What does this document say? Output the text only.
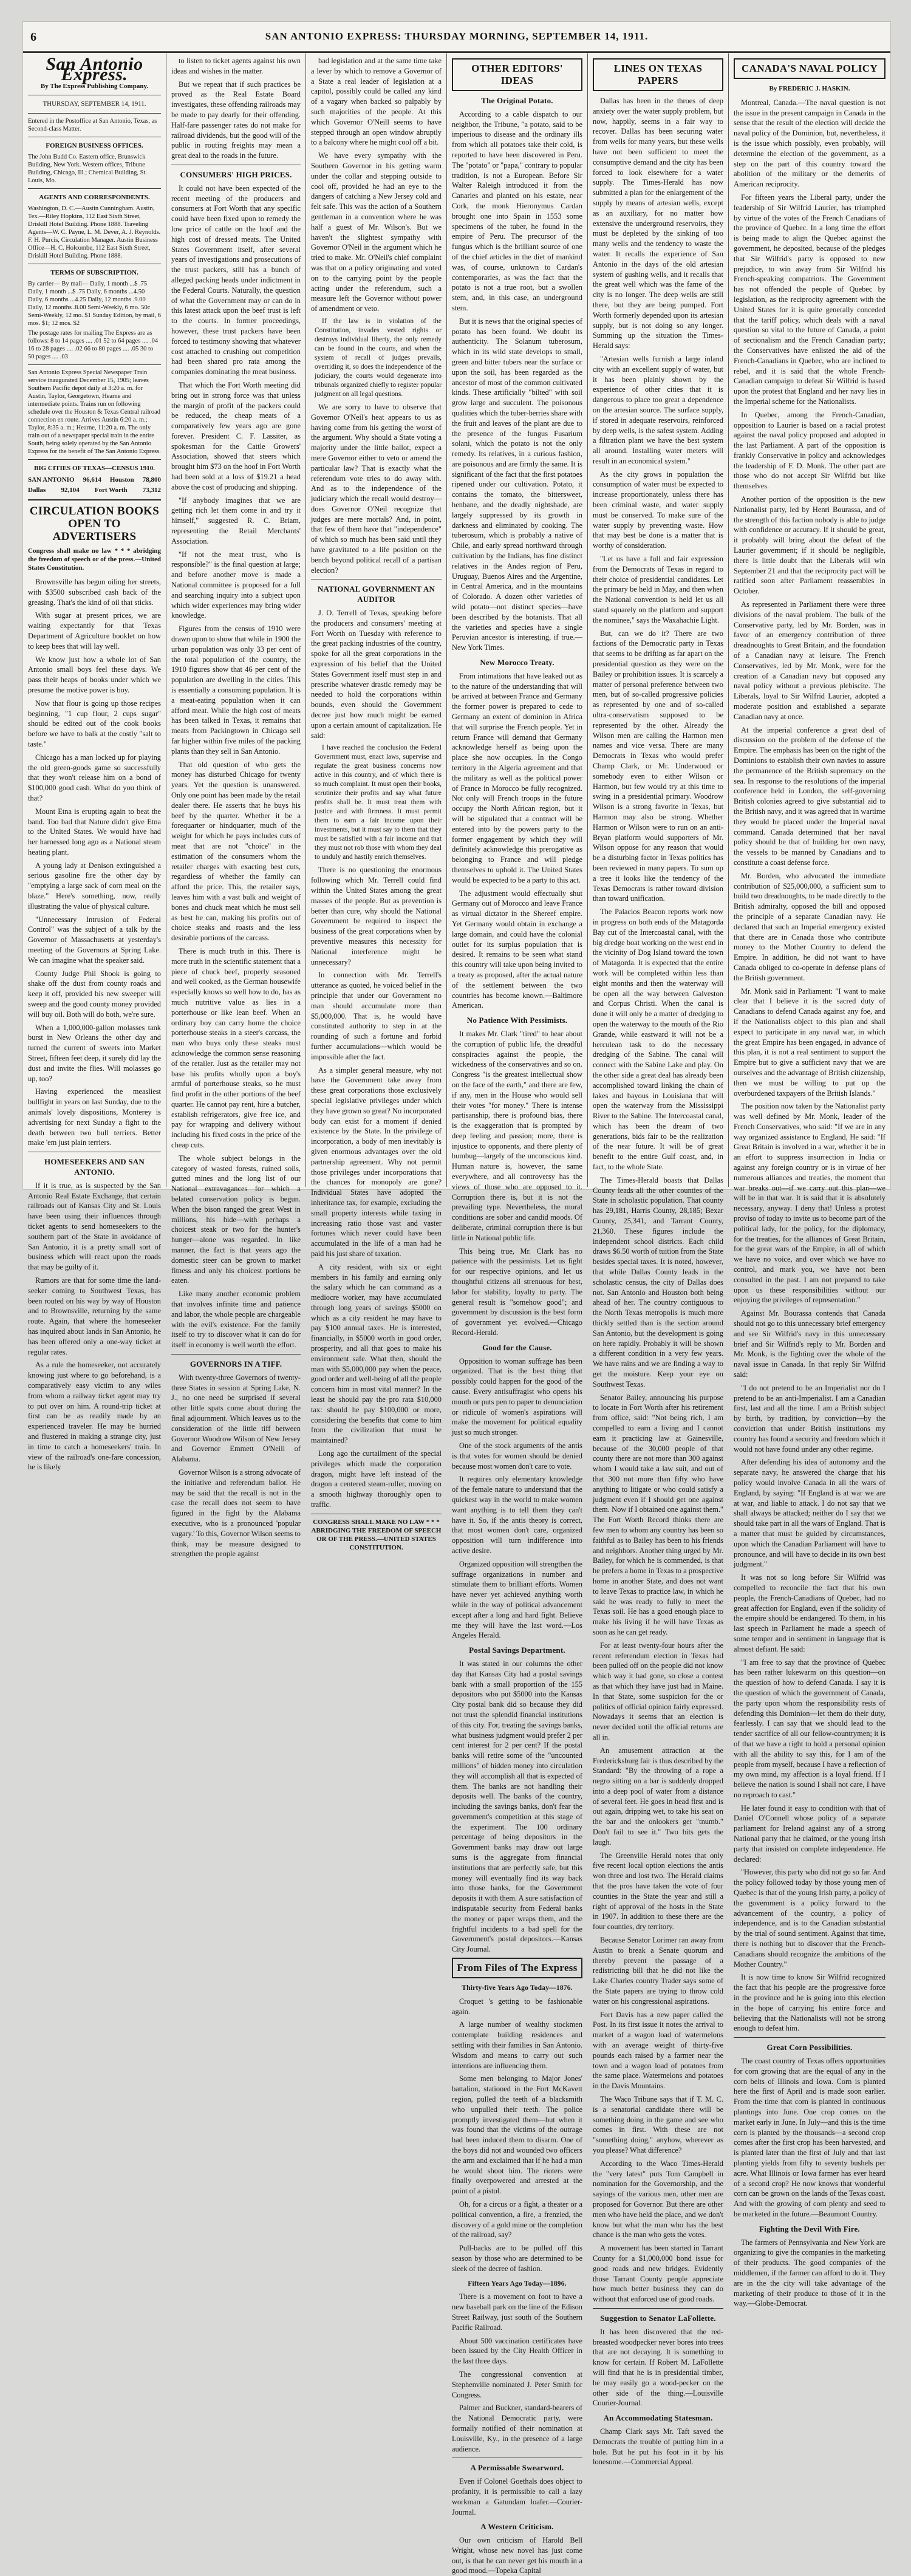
6	SAN ANTONIO EXPRESS: THURSDAY MORNING, SEPTEMBER 14, 1911.
San Antonio Express.
By The Express Publishing Company.
THURSDAY, SEPTEMBER 14, 1911.

Entered in the Postoffice at San Antonio, Texas, as Second-class Matter.

FOREIGN BUSINESS OFFICES.

The John Budd Co. Eastern office, Brunswick Building, New York. Western offices, Tribune Building, Chicago, Ill.; Chemical Building, St. Louis, Mo.

AGENTS AND CORRESPONDENTS.

Washington, D. C.—Austin Cunningham. Austin, Tex.—Riley Hopkins, 112 East Sixth Street, Driskill Hotel Building. Phone 1888. Traveling Agents—W. C. Payne, L. M. Dever, A. J. Reynolds. F. H. Purcis, Circulation Manager. Austin Business Office—H. C. Holcombe, 112 East Sixth Street, Driskill Hotel Building. Phone 1888.

TERMS OF SUBSCRIPTION.

By carrier— By mail— Daily, 1 month ...$ .75 Daily, 1 month ...$ .75 Daily, 6 months ...4.50 Daily, 6 months ...4.25 Daily, 12 months .9.00 Daily, 12 months .8.00 Semi-Weekly, 6 mo. 50c Semi-Weekly, 12 mo. $1 Sunday Edition, by mail, 6 mos. $1; 12 mos. $2

The postage rates for mailing The Express are as follows: 8 to 14 pages .... .01 52 to 64 pages .... .04 16 to 28 pages .... .02 66 to 80 pages .... .05 30 to 50 pages .... .03

San Antonio Express Special Newspaper Train service inaugurated December 15, 1905; leaves Southern Pacific depot daily at 3:20 a. m. for Austin, Taylor, Georgetown, Hearne and intermediate points. Trains run on following schedule over the Houston & Texas Central railroad connection en route. Arrives Austin 6:20 a. m.; Taylor, 8:35 a. m.; Hearne, 11:20 a. m. The only train out of a newspaper special train in the entire South, being solely operated by the San Antonio Express for the benefit of The San Antonio Express.

BIG CITIES OF TEXAS—CENSUS 1910.
SAN ANTONIO 96,614 Houston 78,800
Dallas 92,104 Fort Worth 73,312
CIRCULATION BOOKS OPEN TO ADVERTISERS
Congress shall make no law * * * abridging the freedom of speech or of the press.—United States Constitution.

Brownsville has begun oiling her streets, with $3500 subscribed cash back of the greasing. That's the kind of oil that sticks.

With sugar at present prices, we are waiting expectantly for that Texas Department of Agriculture booklet on how to keep bees that will lay well.

We know just how a whole lot of San Antonio small boys feel these days. We pass their heaps of books under which we presume the motive power is boy.

Now that flour is going up those recipes beginning, "1 cup flour, 2 cups sugar" should be edited out of the cook books before we have to balk at the costly "salt to taste."

Chicago has a man locked up for playing the old green-goods game so successfully that they won't release him on a bond of $100,000 good cash. What do you think of that?

Mount Etna is erupting again to beat the band. Too bad that Nature didn't give Etna to the United States. We would have had her harnessed long ago as a National steam heating plant.

A young lady at Denison extinguished a serious gasoline fire the other day by "emptying a large sack of corn meal on the blaze." Here's something, now, really illustrating the value of physical culture.

"Unnecessary Intrusion of Federal Control" was the subject of a talk by the Governor of Massachusetts at yesterday's meeting of the Governors at Spring Lake. We can imagine what the speaker said.

County Judge Phil Shook is going to shake off the dust from county roads and keep it off, provided his new sweeper will sweep and the good county money provided will buy oil. Both will do both, we're sure.

When a 1,000,000-gallon molasses tank burst in New Orleans the other day and turned the current of sweets into Market Street, fifteen feet deep, it surely did lay the dust and invite the flies. Will molasses go up, too?

Having experienced the measliest bullfight in years on last Sunday, due to the animals' lovely dispositions, Monterey is advertising for next Sunday a fight to the death between two bull terriers. Better make 'em just plain terriers.

HOMESEEKERS AND SAN ANTONIO.

If it is true, as is suspected by the San Antonio Real Estate Exchange, that certain railroads out of Kansas City and St. Louis have been using their influences through ticket agents to send homeseekers to the southern part of the State in avoidance of San Antonio, it is a pretty small sort of business which will react upon the roads that may be guilty of it.

Rumors are that for some time the land-seeker coming to Southwest Texas, has been routed on his way by way of Houston and to Brownsville, returning by the same route. Again, that where the homeseeker has inquired about lands in San Antonio, he has been offered only a one-way ticket at regular rates.

As a rule the homeseeker, not accurately knowing just where to go beforehand, is a comparatively easy victim to any wiles from whom a railway ticket agent may try to put over on him. A round-trip ticket at first can be as readily made by an experienced traveler. He may be hurried and flustered in making a strange city, just in time to catch a homeseekers' train. In view of the railroad's one-fare concession, he is likely

to listen to ticket agents against his own ideas and wishes in the matter.

But we repeat that if such practices be proved as the Real Estate Board investigates, these offending railroads may be made to pay dearly for their offending. Half-fare passenger rates do not make for railroad dividends, but the good will of the public in routing freights may mean a great deal to the roads in the future.

CONSUMERS' HIGH PRICES.

It could not have been expected of the recent meeting of the producers and consumers at Fort Worth that any specific could have been fixed upon to remedy the low price of cattle on the hoof and the high cost of dressed meats. The United States Government itself, after several years of investigations and prosecutions of the trust packers, still has a bunch of alleged packing heads under indictment in the Federal Courts. Naturally, the question of what the Government may or can do in this latest attack upon the beef trust is left to the courts. In former proceedings, however, these trust packers have been forced to testimony showing that whatever cost attached to crushing out competition had been shared pro rata among the companies dominating the meat business.

That which the Fort Worth meeting did bring out in strong force was that unless the margin of profit of the packers could be reduced, the cheap meats of a comparatively few years ago are gone forever. President C. F. Lassiter, as spokesman for the Cattle Growers' Association, showed that steers which brought him $73 on the hoof in Fort Worth had been sold at a loss of $19.21 a head above the cost of producing and shipping.

"If anybody imagines that we are getting rich let them come in and try it himself," suggested R. C. Briam, representing the Retail Merchants' Association.

"If not the meat trust, who is responsible?" is the final question at large; and before another move is made a National committee is proposed for a full and searching inquiry into a subject upon which wider experiences may bring wider knowledge.

Figures from the census of 1910 were drawn upon to show that while in 1900 the urban population was only 33 per cent of the total population of the country, the 1910 figures show that 46 per cent of the population are dwelling in the cities. This is essentially a consuming population. It is a meat-eating population when it can afford meat. While the high cost of meats has been talked in Texas, it remains that meats from Packingtown in Chicago sell far higher within five miles of the packing plants than they sell in San Antonio.

That old question of who gets the money has disturbed Chicago for twenty years. Yet the question is unanswered. Only one point has been made by the retail dealer there. He asserts that he buys his beef by the quarter. Whether it be a forequarter or hindquarter, much of the weight for which he pays includes cuts of meat that are not "choice" in the estimation of the consumers whom the retailer charges with exacting best cuts, regardless of whether the family can afford the price. This, the retailer says, leaves him with a vast bulk and weight of bones and chuck meat which he must sell as best he can, making his profits out of choice steaks and roasts and the less desirable portions of the carcass.

There is much truth in this. There is more truth in the scientific statement that a piece of chuck beef, properly seasoned and well cooked, as the German housewife especially knows so well how to do, has as much nutritive value as lies in a porterhouse or like lean beef. When an ordinary boy can carry home the choice porterhouse steaks in a steer's carcass, the man who buys only these steaks must acknowledge the common sense reasoning of the retailer. Just as the retailer may not base his profits wholly upon a boy's armful of porterhouse steaks, so he must find profit in the other portions of the beef quarter. He cannot pay rent, hire a butcher, establish refrigerators, give free ice, and pay for wrapping and delivery without including his fixed costs in the price of the cheap cuts.

The whole subject belongs in the category of wasted forests, ruined soils, gutted mines and the long list of our National extravagances for which a belated conservation policy is begun. When the bison ranged the great West in millions, his hide—with perhaps a choicest steak or two for the hunter's hunger—alone was regarded. In like manner, the fact is that years ago the domestic steer can be grown to market fitness and only his choicest portions be eaten.

Like many another economic problem that involves infinite time and patience and labor, the whole people are chargeable with the evil's existence. For the family itself to try to discover what it can do for itself in economy is well worth the effort.

GOVERNORS IN A TIFF.

With twenty-three Governors of twenty-three States in session at Spring Lake, N. J., no one need be surprised if several other little spats come about during the final adjournment. Which leaves us to the consideration of the little tiff between Governor Woodrow Wilson of New Jersey and Governor Emmett O'Neill of Alabama.

Governor Wilson is a strong advocate of the initiative and referendum ballot. He may be said that the recall is not in the case the recall does not seem to have figured in the fight by the Alabama executive, who is a pronounced 'popular vagary.' To this, Governor Wilson seems to think, may be measure designed to strengthen the people against

bad legislation and at the same time take a lever by which to remove a Governor of a State a real leader of legislation at a capitol, possibly could be called any kind of a vagary when backed so palpably by such majorities of the people. At this which Governor O'Neill seems to have stepped through an open window abruptly to a balcony where he might cool off a bit.

We have every sympathy with the Southern Governor in his getting warm under the collar and stepping outside to cool off, provided he had an eye to the dangers of catching a New Jersey cold and felt safe. This was the action of a Southern gentleman in a convention where he was half a guest of Mr. Wilson's. But we haven't the slightest sympathy with Governor O'Neil in the argument which he tried to make. Mr. O'Neil's chief complaint was that on a policy originating and voted on to the carrying point by the people acting under the referendum, such a measure left the Governor without power of amendment or veto.

If the law is in violation of the Constitution, invades vested rights or destroys individual liberty, the only remedy can be found in the courts, and when the system of recall of judges prevails, overriding it, so does the independence of the judiciary, the courts would degenerate into tribunals organized chiefly to register popular judgment on all legal questions.

We are sorry to have to observe that Governor O'Neil's heat appears to us as having come from his getting the worst of the argument. Why should a State voting a majority under the little ballot, expect a mere Governor either to veto or amend the particular law? That is exactly what the referendum vote tries to do away with. And as to the independence of the judiciary which the recall would destroy—does Governor O'Neil recognize that judges are mere mortals? And, in point, that few of them have that "independence" of which so much has been said until they have gravitated to a life position on the bench beyond political recall of a partisan election?

NATIONAL GOVERNMENT AN AUDITOR

J. O. Terrell of Texas, speaking before the producers and consumers' meeting at Fort Worth on Tuesday with reference to the great packing industries of the country, spoke for all the great corporations in the expression of his belief that the United States Government itself must step in and prescribe whatever drastic remedy may be needed to hold the corporations within bounds, even should the Government decree just how much might be earned upon a certain amount of capitalization. He said:

I have reached the conclusion the Federal Government must, enact laws, supervise and regulate the great business concerns now active in this country, and of which there is so much complaint. It must open their books, scrutinize their profits and say what future profits shall be. It must treat them with justice and with firmness. It must permit them to earn a fair income upon their investments, but it must say to them that they must be satisfied with a fair income and that they must not rob those with whom they deal to unduly and hastily enrich themselves.

There is no questioning the enormous following which Mr. Terrell could find within the United States among the great masses of the people. But as prevention is better than cure, why should the National Government be required to inspect the business of the great corporations when by preventive measures this necessity for National interference might be unnecessary?

In connection with Mr. Terrell's utterance as quoted, he voiced belief in the principle that under our Government no man should accumulate more than $5,000,000. That is, he would have constituted authority to step in at the rounding of such a fortune and forbid further accumulations—which would be impossible after the fact.

As a simpler general measure, why not have the Government take away from these great corporations those exclusively special legislative privileges under which they have grown so great? No incorporated body can exist for a moment if denied existence by the State. In the privilege of incorporation, a body of men inevitably is given enormous advantages over the old partnership agreement. Why not permit those privileges under incorporations that the chances for monopoly are gone? Individual States have adopted the inheritance tax, for example, excluding the small property interests while taxing in increasing ratio those vast and vaster fortunes which never could have been accumulated in the life of a man had he paid his just share of taxation.

A city resident, with six or eight members in his family and earning only the salary which he can command as a mediocre worker, may have accumulated through long years of savings $5000 on which as a city resident he may have to pay $100 annual taxes. He is interested, financially, in $5000 worth in good order, prosperity, and all that goes to make his environment safe. What then, should the man with $5,000,000 pay when the peace, good order and well-being of all the people concern him in most vital manner? In the least he should pay the pro rata $10,000 tax: should he pay $100,000 or more, considering the benefits that come to him from the civilization that must be maintained?

Long ago the curtailment of the special privileges which made the corporation dragon, might have left instead of the dragon a centered steam-roller, moving on a smooth highway thoroughly open to traffic.

CONGRESS SHALL MAKE NO LAW * * * ABRIDGING THE FREEDOM OF SPEECH OR OF THE PRESS.—UNITED STATES CONSTITUTION.
OTHER EDITORS' IDEAS
The Original Potato.

According to a cable dispatch to our neighbor, the Tribune, "a potato, said to be imperious to disease and the ordinary ills from which all potatoes take their cold, is reported to have been discovered in Peru. The "potato" or "papa," contrary to popular tradition, is not a European. Before Sir Walter Raleigh introduced it from the Canaries and planted on his estate, near Cork, the monk Hieronymus Cardan brought one into Spain in 1553 some specimens of the tuber, he found in the empire of Peru. The precursor of the fungus which is the brilliant source of one of the chief articles in the diet of mankind was, of course, unknown to Cardan's contemporaries, as was the fact that the potato is not a true root, but a swollen stem, and, in this case, an underground stem.

But it is news that the original species of potato has been found. We doubt its authenticity. The Solanum tuberosum, which in its wild state develops to small, green and bitter tubers near the surface or upon the soil, has been regarded as the ancestor of most of the common cultivated kinds. These artificially "bilted" with soil grow large and succulent. The poisonous qualities which the tuber-berries share with the fruit and leaves of the plant are due to the presence of the fungus Fusarium solani, which the potato is not the only remedy. Its relatives, in a curious fashion, are poisonous and are firmly the same. It is significant of the fact that the first potatoes ripened under our cultivation. Potato, it contains the tomato, the bittersweet, henbane, and the deadly nightshade, are largely suppressed by its growth in darkness and eliminated by cooking. The tuberosum, which is probably a native of Chile, and early spread northward through cultivation by the Indians, has fine distinct relatives in the Andes region of Peru, Uruguay, Buenos Aires and the Argentine, in Central America, and in the mountains of Colorado. A dozen other varieties of wild potato—not distinct species—have been described by the botanists. That all the varieties and species have a single Peruvian ancestor is interesting, if true.—New York Times.

New Morocco Treaty.

From intimations that have leaked out as to the nature of the understanding that will be arrived at between France and Germany the former power is prepared to cede to Germany an extent of dominion in Africa that will surprise the French people. Yet in return France will demand that Germany acknowledge herself as being upon the place she now occupies. In the Congo territory in the Algeria agreement and that the military as well as the political power of France in Morocco be fully recognized. Not only will French troops in the future occupy the North African region, but it will be stipulated that a contract will be entered into by the powers party to the former engagement by which they will definitely acknowledge this prerogative as belonging to France and will pledge themselves to uphold it. The United States would be expected to be a party to this act.

The adjustment would effectually shut Germany out of Morocco and leave France as virtual dictator in the Shereef empire. Yet Germany would obtain in exchange a large domain, and could have the colonial outlet for its surplus population that is desired. It remains to be seen what stand this country will take upon being invited to a treaty as proposed, after the actual nature of the settlement between the two countries has become known.—Baltimore American.

No Patience With Pessimists.

It makes Mr. Clark "tired" to hear about the corruption of public life, the dreadful conspiracies against the people, the wickedness of the conservatives and so on. Congress "is the greatest intellectual show on the face of the earth," and there are few, if any, men in the House who would sell their votes "for money." There is intense partisanship, there is profound bias, there is the exaggeration that is prompted by deep feeling and passion; more, there is injustice to opponents, and there plenty of humbug—largely of the unconscious kind. Human nature is, however, the same everywhere, and all controversy has the views of those who are opposed to it. Corruption there is, but it is not the prevailing type. Nevertheless, the moral conditions are sober and candid moods. Of deliberate, criminal corruption there is but little in National public life.

This being true, Mr. Clark has no patience with the pessimists. Let us fight for our respective opinions, and let us thoughtful citizens all strenuous for best, labor for stability, loyalty to party. The general result is "somehow good"; and government by discussion is the best form of government yet evolved.—Chicago Record-Herald.

Good for the Cause.

Opposition to woman suffrage has been organized. That is the best thing that possibly could happen for the good of the cause. Every antisuffragist who opens his mouth or puts pen to paper to denunciation or ridicule of women's aspirations will make the movement for political equality just so much stronger.

One of the stock arguments of the antis is that votes for women should be denied because most women don't care to vote.

It requires only elementary knowledge of the female nature to understand that the quickest way in the world to make women want anything is to tell them they can't have it. So, if the antis theory is correct, that most women don't care, organized opposition will turn indifference into active desire.

Organized opposition will strengthen the suffrage organizations in number and stimulate them to brilliant efforts. Women have never yet achieved anything worth while in the way of political advancement except after a long and hard fight. Believe me they will have the last word.—Los Angeles Herald.

Postal Savings Department.

It was stated in our columns the other day that Kansas City had a postal savings bank with a small proportion of the 155 depositors who put $5000 into the Kansas City postal bank did so because they did not trust the splendid financial institutions of this city. For, treating the savings banks, what business judgment would prefer 2 per cent interest for 2 per cent? If the postal banks will retire some of the "uncounted millions" of hidden money into circulation they will accomplish all that is expected of them. The banks are not handling their deposits well. The banks of the country, including the savings banks, don't fear the government's competition at this stage of the experiment. The 100 ordinary percentage of being depositors in the Government banks may draw out large sums is the aggregate from financial institutions that are perfectly safe, but this money will eventually find its way back into those banks, for the Government deposits it with them. A sure satisfaction of indisputable security from Federal banks the money or paper wraps them, and the frightful incidents to a bad spell for the Government's postal depositors.—Kansas City Journal.

From Files of The Express
Thirty-five Years Ago Today—1876.

Croquet 's getting to be fashionable again.

A large number of wealthy stockmen contemplate building residences and settling with their families in San Antonio. Wisdom and means to carry out such intentions are influencing them.

Some men belonging to Major Jones' battalion, stationed in the Fort McKavett region, pulled the teeth of a blacksmith who unpulled their teeth. The police promptly investigated them—but when it was found that the victims of the outrage had been induced them to disarm. One of the boys did not and wounded two officers the arm and exclaimed that if he had a man he would shoot him. The rioters were finally overpowered and arrested at the point of a pistol.

Oh, for a circus or a fight, a theater or a political convention, a fire, a frenzied, the discovery of a gold mine or the completion of the railroad, say?

Pull-backs are to be pulled off this season by those who are determined to be sleek of the decree of fashion.

Fifteen Years Ago Today—1896.

There is a movement on foot to have a new baseball park on the line of the Edison Street Railway, just south of the Southern Pacific Railroad.

About 500 vaccination certificates have been issued by the City Health Officer in the last three days.

The congressional convention at Stephenville nominated J. Peter Smith for Congress.

Palmer and Buckner, standard-bearers of the National Democratic party, were formally notified of their nomination at Louisville, Ky., in the presence of a large audience.

A Permissable Swearword.

Even if Colonel Goethals does object to profanity, it is permissible to call a lazy workman a Gatundam loafer.—Courier-Journal.

A Western Criticism.

Our own criticism of Harold Bell Wright, whose new novel has just come out, is that he can never get his mouth in a good mood.—Topeka Capital

LINES ON TEXAS PAPERS

Dallas has been in the throes of deep anxiety over the water supply problem, but now, happily, seems in a fair way to recover. Dallas has been securing water from wells for many years, but these wells have not been sufficient to meet the consumptive demand and the city has been forced to look elsewhere for a water supply. The Times-Herald has now submitted a plan for the enlargement of the supply by means of artesian wells, except as an auxiliary, for no matter how extensive the underground reservoirs, they must be depleted by the sinking of too many wells and the tendency to waste the water. It recalls the experience of San Antonio in the days of the old artesian system of gushing wells, and it recalls that the great well which was the fame of the city is no longer. The deep wells are still there, but they are being pumped. Fort Worth formerly depended upon its artesian supply, but is not doing so any longer. Summing up the situation the Times-Herald says:

"Artesian wells furnish a large inland city with an excellent supply of water, but it has been plainly shown by the experience of other cities that it is dangerous to place too great a dependence on the artesian source. The surface supply, if stored in adequate reservoirs, reinforced by deep wells, is the safest system. Adding a filtration plant we have the best system all around. Installing water meters will result in an economical system."

As the city grows in population the consumption of water must be expected to increase proportionately, unless there has been criminal waste, and water supply must be conserved. To make sure of the water supply by preventing waste. How that may best be done is a matter that is worthy of consideration.

"Let us have a full and fair expression from the Democrats of Texas in regard to their choice of presidential candidates. Let the primary be held in May, and then when the National convention is held let us all stand squarely on the platform and support the nominee," says the Waxahachie Light.

But, can we do it? There are two factions of the Democratic party in Texas that seems to be drifting as far apart on the presidential question as they were on the Bailey or prohibition issues. It is scarcely a matter of personal preference between two men, but of so-called progressive policies as represented by one and of so-called ultra-conservatism supposed to be represented by the other. Already the Wilson men are calling the Harmon men names and vice versa. There are many Democrats in Texas who would prefer Champ Clark, or Mr. Underwood or somebody even to either Wilson or Harmon, but few would try at this time to swing in a presidential primary. Woodrow Wilson is a strong favorite in Texas, but Harmon may also be strong. Whether Harmon or Wilson were to run on an anti-Bryan platform would supporters of Mr. Wilson oppose for any reason that would be a disturbing factor in Texas politics has been reviewed in many papers. To sum up a tree it looks like the tendency of the Texas Democrats is rather toward division than toward unification.

The Palacios Beacon reports work now in progress on both ends of the Matagorda Bay cut of the Intercoastal canal, with the big dredge boat working on the west end in the vicinity of Dog Island toward the town of Matagorda. It is expected that the entire work will be completed within less than eight months and then the waterway will be open all the way between Galveston and Corpus Christi. When the canal is done it will only be a matter of dredging to open the waterway to the mouth of the Rio Grande, while eastward it will not be a herculean task to do the necessary dredging of the Sabine. The canal will connect with the Sabine Lake and play. On the other side a great deal has already been accomplished toward linking the chain of lakes and bayous in Louisiana that will open the waterway from the Mississippi River to the Sabine. The Intercoastal canal, which has been the dream of two generations, bids fair to be the realization of the near future. It will be of great benefit to the entire Gulf coast, and, in fact, to the whole State.

The Times-Herald boasts that Dallas County leads all the other counties of the State in scholastic population. That county has 29,181, Harris County, 28,185; Bexar County, 25,341, and Tarrant County, 21,360. These figures include the independent school districts. Each child draws $6.50 worth of tuition from the State besides special taxes. It is noted, however, that while Dallas County leads in the scholastic census, the city of Dallas does not. San Antonio and Houston both being ahead of her. The country contiguous to the North Texas metropolis is much more thickly settled than is the section around San Antonio, but the development is going on here rapidly. Probably it will be shown a different condition in a very few years. We have rains and we are finding a way to get the moisture. Keep your eye on Southwest Texas.

Senator Bailey, announcing his purpose to locate in Fort Worth after his retirement from office, said: "Not being rich, I am compelled to earn a living and I cannot earn it practicing law at Gainesville, because of the 30,000 people of that county there are not more than 300 against whom I would take a law suit, and out of that 300 not more than fifty who have anything to litigate or who could satisfy a judgment even if I should get one against them. Now if I obtained one against them." The Fort Worth Record thinks there are few men to whom any country has been so faithful as to Bailey has been to his friends and neighbors. Another thing urged by Mr. Bailey, for which he is commended, is that he prefers a home in Texas to a prospective home in another State, and does not want to leave Texas to practice law, in which he said he was ready to fully to meet the Texas soil. He has a good enough place to make his living if he will have Texas as soon as he can get ready.

For at least twenty-four hours after the recent referendum election in Texas had been pulled off on the people did not know which way it had gone, so close a contest as that which they have just had in Maine. In that State, some suspicion for the or politics of official opinion fairly expressed. Nowadays it seems that an election is never decided until the official returns are all in.

An amusement attraction at the Fredericksburg fair is thus described by the Standard: "By the throwing of a rope a negro sitting on a bar is suddenly dropped into a deep pool of water from a distance of several feet. He goes in head first and is out again, dripping wet, to take his seat on the bar and the onlookers get "tnumb." Don't fail to see it." Two bits gets the laugh.

The Greenville Herald notes that only five recent local option elections the antis won three and lost two. The Herald claims that the pros have taken the vote of four counties in the State the year and still a right of approval of the hosts in the State in 1907. In addition to these there are the four counties, dry territory.

Because Senator Lorimer ran away from Austin to break a Senate quorum and thereby prevent the passage of a redistricting bill that he did not like the Lake Charles country Trader says some of the State papers are trying to throw cold water on his congressional aspirations.

Fort Davis has a new paper called the Post. In its first issue it notes the arrival to market of a wagon load of watermelons with an average weight of thirty-five pounds each raised by a farmer near the town and a wagon load of potatoes from the same place. Watermelons and potatoes in the Davis Mountains.

The Waco Tribune says that if T. M. C. is a senatorial candidate there will be something doing in the game and see who comes in first. With these are not "something doing," anyhow, wherever as you please? What difference?

According to the Waco Times-Herald the "very latest" puts Tom Campbell in nomination for the Governorship, and the sayings of the various men, other men are proposed for Governor. But there are other men who have held the place, and we don't know but what the man who has the best chance is the man who gets the votes.

A movement has been started in Tarrant County for a $1,000,000 bond issue for good roads and new bridges. Evidently those Tarrant County people appreciate how much better business they can do without that enforced use of good roads.

Suggestion to Senator LaFollette.

It has been discovered that the red-breasted woodpecker never bores into trees that are not decaying. It is something to know for certain. If Robert M. LaFollette will find that he is in presidential timber, he may easily go a wood-pecker on the other side of the thing.—Louisville Courier-Journal.

An Accommodating Statesman.

Champ Clark says Mr. Taft saved the Democrats the trouble of putting him in a hole. But he put his foot in it by his lonesome.—Commercial Appeal.

CANADA'S NAVAL POLICY
By FREDERIC J. HASKIN.

Montreal, Canada.—The naval question is not the issue in the present campaign in Canada in the sense that the result of the election will decide the naval policy of the Dominion, but, nevertheless, it is the issue which possibly, even probably, will determine the election of the government, as a step on the part of this country toward the abolition of the military or the demerits of American reciprocity.

For fifteen years the Liberal party, under the leadership of Sir Wilfrid Laurier, has triumphed by virtue of the votes of the French Canadians of the province of Quebec. In a long time the effort is being made to align the Quebec against the government, he deposited, because of the pledges that Sir Wilfrid's party is opposed to new prejudice, to win away from Sir Wilfrid his French-speaking compatriots. The Government has not offended the people of Quebec by legislation, as the reciprocity agreement with the United States for it is quite generally conceded that the tariff policy, which deals with a naval question so vital to the future of Canada, a point of sectionalism and the French Canadian party; the Conservatives have enlisted the aid of the French-Canadians in Quebec, who are inclined to rebel, and it is said that the whole French-Canadian campaign to defeat Sir Wilfrid is based upon the protest that England and her navy lies in the Imperial scheme for the Nationalists.

In Quebec, among the French-Canadian, opposition to Laurier is based on a racial protest against the naval policy proposed and adopted in the last Parliament. A part of the opposition is frankly Conservative in policy and acknowledges the leadership of F. D. Monk. The other part are those who do not accept Sir Wilfrid but like themselves.

Another portion of the opposition is the new Nationalist party, led by Henri Bourassa, and of the strength of this faction nobody is able to judge with confidence or accuracy. If it should be great, it probably will bring about the defeat of the Laurier government; if it should be negligible, there is little doubt that the Liberals will win September 21 and that the reciprocity pact will be ratified soon after Parliament reassembles in October.

As represented in Parliament there were three divisions of the naval problem. The bulk of the Conservative party, led by Mr. Borden, was in favor of an emergency contribution of three dreadnoughts to Great Britain, and the foundation of a Canadian navy at leisure. The French Conservatives, led by Mr. Monk, were for the creation of a Canadian navy but opposed any naval policy without a previous plebiscite. The Liberals, loyal to Sir Wilfrid Laurier, adopted a moderate position and established a separate Canadian navy at once.

At the imperial conference a great deal of discussion on the problem of the defense of the Empire. The emphasis has been on the right of the Dominions to establish their own navies to assure the permanence of the British supremacy on the sea. In response to the resolutions of the imperial conference held in London, the self-governing British colonies agreed to give substantial aid to the British navy, and it was agreed that in wartime they would be placed under the Imperial naval command. Canada determined that her naval policy should be that of building her own navy, the vessels to be manned by Canadians and to constitute a coast defense force.

Mr. Borden, who advocated the immediate contribution of $25,000,000, a sufficient sum to build two dreadnoughts, to be made directly to the British admiralty, opposed the bill and opposed the principle of a separate Canadian navy. He declared that such an Imperial emergency existed that there are in Canada those who contribute money to the Mother Country to defend the Empire. In addition, he did not want to have Canada obliged to co-operate in defense plans of the British government.

Mr. Monk said in Parliament: "I want to make clear that I believe it is the sacred duty of Canadians to defend Canada against any foe, and if the Nationalists object to this plan and shall expect to participate in any naval war, in which the great Empire has been engaged, in advance of this plan, it is not a real sentiment to support the Empire but to give a sufficient navy that we are ourselves and the advantage of British citizenship, then we must be willing to put up the overburdened taxpayers of the British Islands."

The position now taken by the Nationalist party was well defined by Mr. Monk, leader of the French Conservatives, who said: "If we are in any way organized assistance to England, He said: "If Great Britain is involved in a war, whether it be in an effort to suppress insurrection in India or against any foreign country or is in virtue of her numerous alliances and treaties, the moment that war breaks out—if we carry out this plan—we will be in that war. It is said that it is absolutely necessary, anyway. I deny that! Unless a protest proviso of today to invite us to become part of the political lady, for the policy, for the diplomacy, for the treaties, for the alliances of Great Britain, for the great wars of the Empire, in all of which we have no voice, and over which we have no control, and mark you, we have not been consulted in the past. I am not prepared to take upon us these responsibilities without our enjoying the privileges of representation."

Against Mr. Bourassa contends that Canada should not go to this unnecessary brief emergency and see Sir Wilfrid's navy in this unnecessary brief and Sir Wilfrid's reply to Mr. Borden and Mr. Monk, is the fighting over the whole of the naval issue in Canada. In that reply Sir Wilfrid said:

"I do not pretend to be an Imperialist nor do I pretend to be an anti-Imperialist. I am a Canadian first, last and all the time. I am a British subject by birth, by tradition, by conviction—by the conviction that under British institutions my country has found a security and freedom which it would not have found under any other regime.

After defending his idea of autonomy and the separate navy, he answered the charge that his policy would involve Canada in all the wars of England, by saying: "If England is at war we are at war, and liable to attack. I do not say that we shall always be attacked; neither do I say that we should take part in all the wars of England. That is a matter that must be guided by circumstances, upon which the Canadian Parliament will have to pronounce, and will have to decide in its own best judgment."

It was not so long before Sir Wilfrid was compelled to reconcile the fact that his own people, the French-Canadians of Quebec, had no great affection for England, even if the solidity of the empire should be endangered. To them, in his last speech in Parliament he made a speech of some temper and in sentiment in language that is almost defiant. He said:

"I am free to say that the province of Quebec has been rather lukewarm on this question—on the question of how to defend Canada. I say it is the question of which the government of Canada, the party upon whom the responsibility rests of defending this Dominion—let them do their duty, fearlessly. I can say that we should lead to the tender sacrifice of all our fellow-countrymen; it is of that we have a right to hold a personal opinion with all the ability to say this, for I am of the people from myself, because I have a reflection of my own mind, my affection is a loyal friend. If I believe the nation is sound I shall not care, I have no reproach to cast."

He later found it easy to condition with that of Daniel O'Connell whose policy of a separate parliament for Ireland against any of a strong National party that he claimed, or the young Irish party that insisted on complete independence. He declared:

"However, this party who did not go so far. And the policy followed today by those young men of Quebec is that of the young Irish party, a policy of the government is a policy forward to the advancement of the country, a policy of independence, and is to the Canadian substantial by the trial of sound sentiment. Against that time, there is nothing but to discover that the French-Canadians should recognize the ambitions of the Mother Country."

It is now time to know Sir Wilfrid recognized the fact that his people are the progressive force in the province and he is going into this election in the hope of carrying his entire force and believing that the Nationalists will not be strong enough to defeat him.

Great Corn Possibilities.

The coast country of Texas offers opportunities for corn growing that are the equal of any in the corn belts of Illinois and Iowa. Corn is planted here the first of April and is made soon earlier. From the time that corn is planted in continuous plantings into June. One crop comes on the market early in June. In July—and this is the time corn is planted by the thousands—a second crop comes after the first crop has been harvested, and is planted later than the first of July and that last planting yields from fifty to seventy bushels per acre. What Illinois or Iowa farmer has ever heard of a second crop? He now knows that wonderful corn can be grown on the lands of the Texas coast. And with the growing of corn plenty and seed to be marketed in the future.—Beaumont Country.

Fighting the Devil With Fire.

The farmers of Pennsylvania and New York are organizing to give the companies in the marketing of their products. The good companies of the middlemen, if the farmer can afford to do it. They are in the the city will take advantage of the marketing of their produce to those of it in the way.—Globe-Democrat.
